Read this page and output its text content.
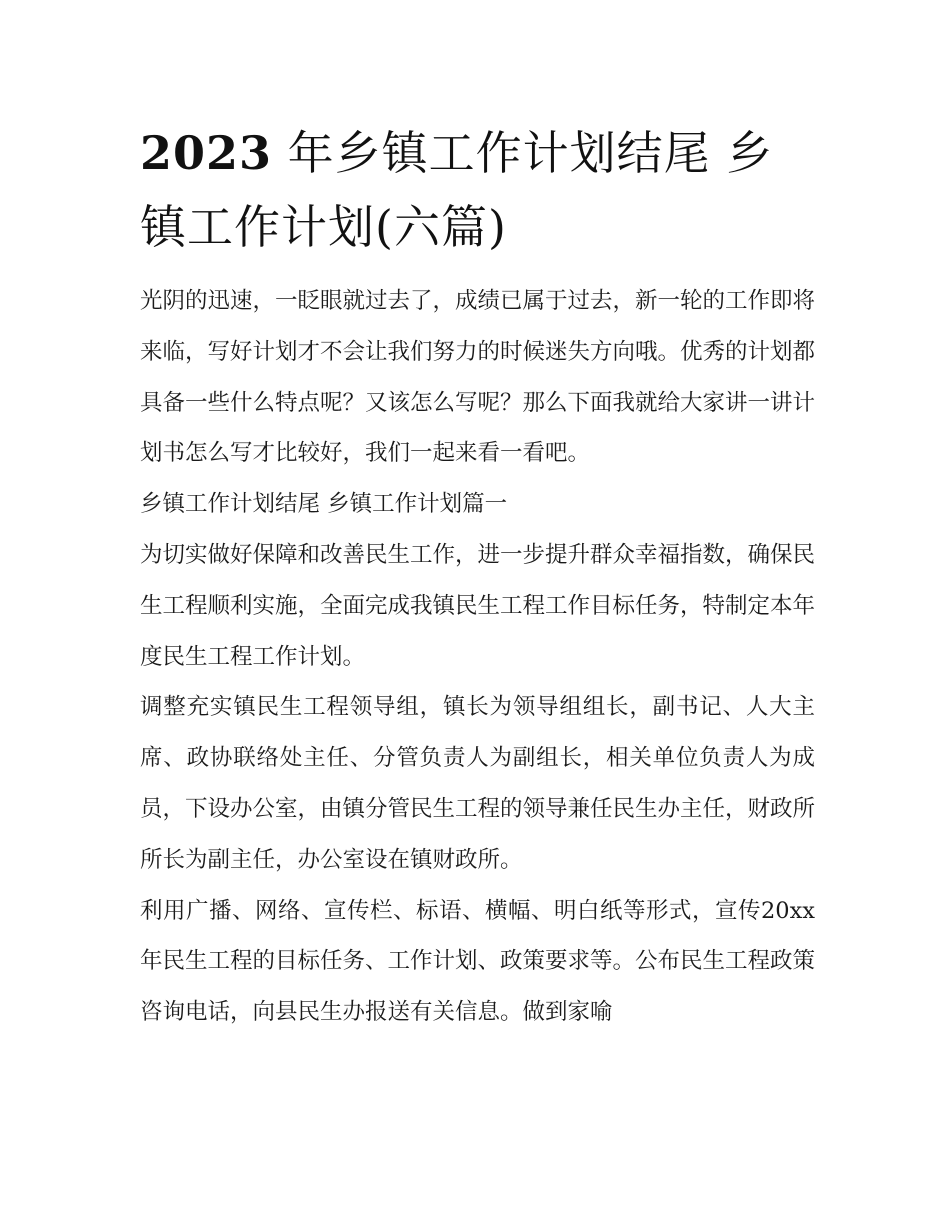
2023 年乡镇工作计划结尾 乡镇工作计划(六篇)

光阴的迅速，一眨眼就过去了，成绩已属于过去，新一轮的工作即将来临，写好计划才不会让我们努力的时候迷失方向哦。优秀的计划都具备一些什么特点呢？又该怎么写呢？那么下面我就给大家讲一讲计划书怎么写才比较好，我们一起来看一看吧。

乡镇工作计划结尾 乡镇工作计划篇一

为切实做好保障和改善民生工作，进一步提升群众幸福指数，确保民生工程顺利实施，全面完成我镇民生工程工作目标任务，特制定本年度民生工程工作计划。

调整充实镇民生工程领导组，镇长为领导组组长，副书记、人大主席、政协联络处主任、分管负责人为副组长，相关单位负责人为成员，下设办公室，由镇分管民生工程的领导兼任民生办主任，财政所所长为副主任，办公室设在镇财政所。

利用广播、网络、宣传栏、标语、横幅、明白纸等形式，宣传20xx 年民生工程的目标任务、工作计划、政策要求等。公布民生工程政策咨询电话，向县民生办报送有关信息。做到家喻
